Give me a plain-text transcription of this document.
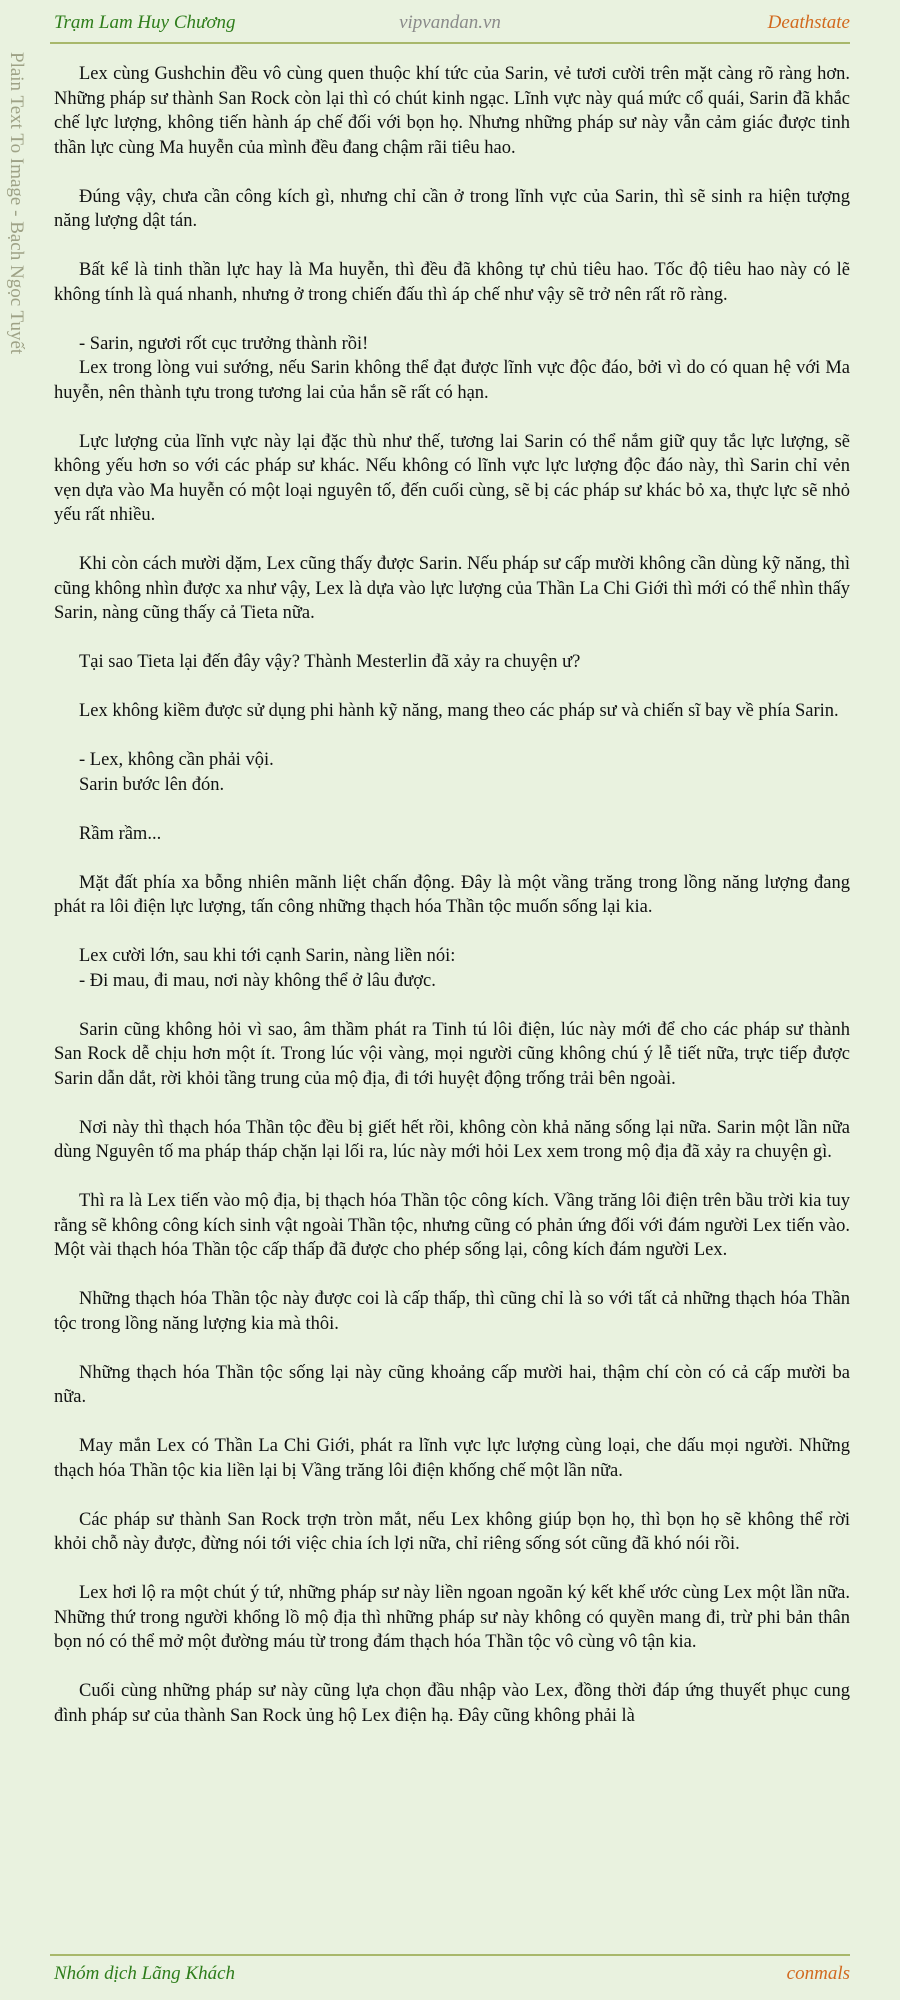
Trạm Lam Huy Chương	vipvandan.vn	Deathstate
Plain Text To Image - Bạch Ngọc Tuyết	Lex cùng Gushchin đều vô cùng quen thuộc khí tức của Sarin, vẻ tươi cười trên mặt càng rõ ràng hơn. Những pháp sư thành San Rock còn lại thì có chút kinh ngạc. Lĩnh vực này quá mức cổ quái, Sarin đã khắc chế lực lượng, không tiến hành áp chế đối với bọn họ. Nhưng những pháp sư này vẫn cảm giác được tinh thần lực cùng Ma huyễn của mình đều đang chậm rãi tiêu hao.

Đúng vậy, chưa cần công kích gì, nhưng chỉ cần ở trong lĩnh vực của Sarin, thì sẽ sinh ra hiện tượng năng lượng dật tán.

Bất kể là tinh thần lực hay là Ma huyễn, thì đều đã không tự chủ tiêu hao. Tốc độ tiêu hao này có lẽ không tính là quá nhanh, nhưng ở trong chiến đấu thì áp chế như vậy sẽ trở nên rất rõ ràng.

- Sarin, ngươi rốt cục trưởng thành rồi!

Lex trong lòng vui sướng, nếu Sarin không thể đạt được lĩnh vực độc đáo, bởi vì do có quan hệ với Ma huyễn, nên thành tựu trong tương lai của hắn sẽ rất có hạn.

Lực lượng của lĩnh vực này lại đặc thù như thế, tương lai Sarin có thể nắm giữ quy tắc lực lượng, sẽ không yếu hơn so với các pháp sư khác. Nếu không có lĩnh vực lực lượng độc đáo này, thì Sarin chỉ vẻn vẹn dựa vào Ma huyễn có một loại nguyên tố, đến cuối cùng, sẽ bị các pháp sư khác bỏ xa, thực lực sẽ nhỏ yếu rất nhiều.

Khi còn cách mười dặm, Lex cũng thấy được Sarin. Nếu pháp sư cấp mười không cần dùng kỹ năng, thì cũng không nhìn được xa như vậy, Lex là dựa vào lực lượng của Thần La Chi Giới thì mới có thể nhìn thấy Sarin, nàng cũng thấy cả Tieta nữa.

Tại sao Tieta lại đến đây vậy? Thành Mesterlin đã xảy ra chuyện ư?

Lex không kiềm được sử dụng phi hành kỹ năng, mang theo các pháp sư và chiến sĩ bay về phía Sarin.

- Lex, không cần phải vội.

Sarin bước lên đón.

Rầm rầm...

Mặt đất phía xa bỗng nhiên mãnh liệt chấn động. Đây là một vầng trăng trong lồng năng lượng đang phát ra lôi điện lực lượng, tấn công những thạch hóa Thần tộc muốn sống lại kia.

Lex cười lớn, sau khi tới cạnh Sarin, nàng liền nói:

- Đi mau, đi mau, nơi này không thể ở lâu được.

Sarin cũng không hỏi vì sao, âm thầm phát ra Tinh tú lôi điện, lúc này mới để cho các pháp sư thành San Rock dễ chịu hơn một ít. Trong lúc vội vàng, mọi người cũng không chú ý lễ tiết nữa, trực tiếp được Sarin dẫn dắt, rời khỏi tầng trung của mộ địa, đi tới huyệt động trống trải bên ngoài.

Nơi này thì thạch hóa Thần tộc đều bị giết hết rồi, không còn khả năng sống lại nữa. Sarin một lần nữa dùng Nguyên tố ma pháp tháp chặn lại lối ra, lúc này mới hỏi Lex xem trong mộ địa đã xảy ra chuyện gì.

Thì ra là Lex tiến vào mộ địa, bị thạch hóa Thần tộc công kích. Vầng trăng lôi điện trên bầu trời kia tuy rằng sẽ không công kích sinh vật ngoài Thần tộc, nhưng cũng có phản ứng đối với đám người Lex tiến vào. Một vài thạch hóa Thần tộc cấp thấp đã được cho phép sống lại, công kích đám người Lex.

Những thạch hóa Thần tộc này được coi là cấp thấp, thì cũng chỉ là so với tất cả những thạch hóa Thần tộc trong lồng năng lượng kia mà thôi.

Những thạch hóa Thần tộc sống lại này cũng khoảng cấp mười hai, thậm chí còn có cả cấp mười ba nữa.

May mắn Lex có Thần La Chi Giới, phát ra lĩnh vực lực lượng cùng loại, che dấu mọi người. Những thạch hóa Thần tộc kia liền lại bị Vầng trăng lôi điện khống chế một lần nữa.

Các pháp sư thành San Rock trợn tròn mắt, nếu Lex không giúp bọn họ, thì bọn họ sẽ không thể rời khỏi chỗ này được, đừng nói tới việc chia ích lợi nữa, chỉ riêng sống sót cũng đã khó nói rồi.

Lex hơi lộ ra một chút ý tứ, những pháp sư này liền ngoan ngoãn ký kết khế ước cùng Lex một lần nữa. Những thứ trong người khổng lồ mộ địa thì những pháp sư này không có quyền mang đi, trừ phi bản thân bọn nó có thể mở một đường máu từ trong đám thạch hóa Thần tộc vô cùng vô tận kia.

Cuối cùng những pháp sư này cũng lựa chọn đầu nhập vào Lex, đồng thời đáp ứng thuyết phục cung đình pháp sư của thành San Rock ủng hộ Lex điện hạ. Đây cũng không phải là

Nhóm dịch Lãng Khách	conmals
